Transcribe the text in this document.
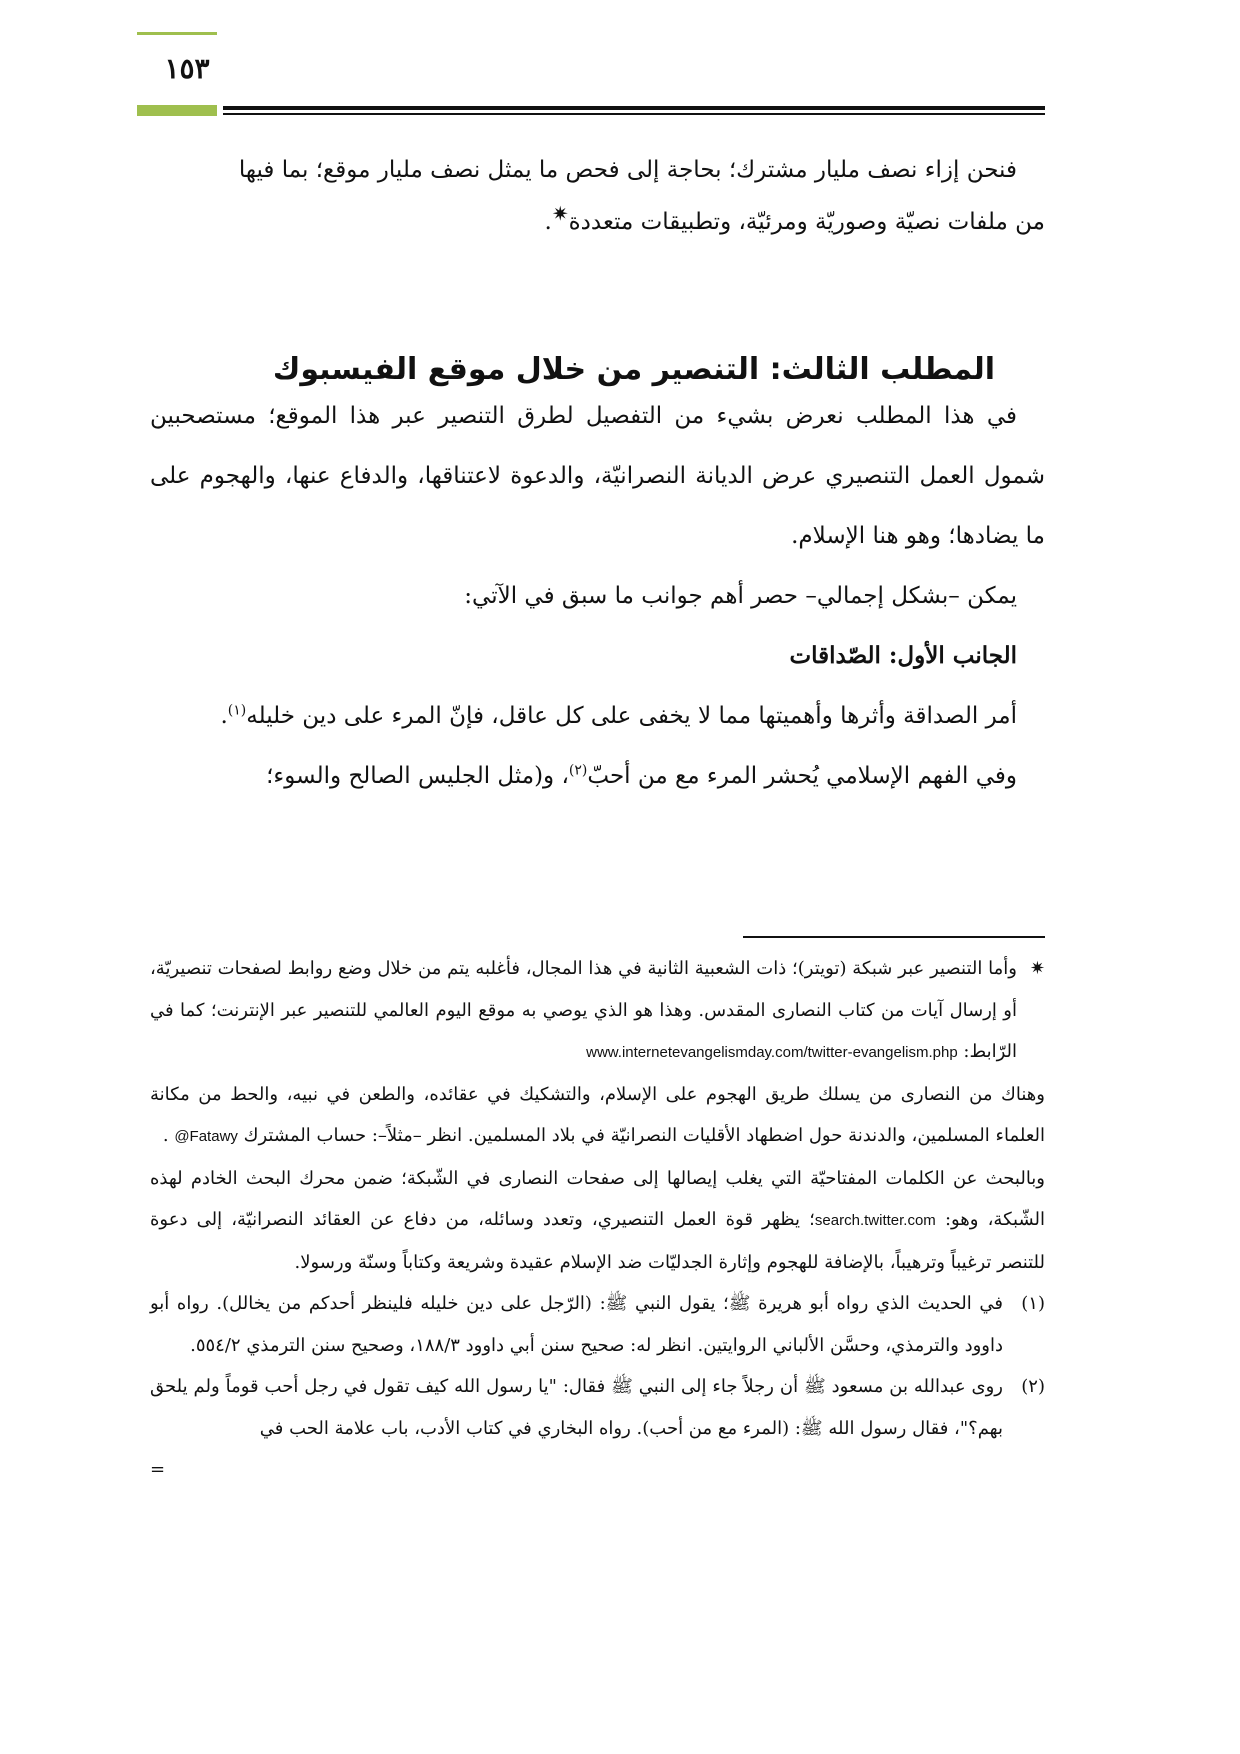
١٥٣

فنحن إزاء نصف مليار مشترك؛ بحاجة إلى فحص ما يمثل نصف مليار موقع؛ بما فيها

من ملفات نصيّة وصوريّة ومرئيّة، وتطبيقات متعددة✷.

المطلب الثالث: التنصير من خلال موقع الفيسبوك

في هذا المطلب نعرض بشيء من التفصيل لطرق التنصير عبر هذا الموقع؛ مستصحبين شمول العمل التنصيري عرض الديانة النصرانيّة، والدعوة لاعتناقها، والدفاع عنها، والهجوم على ما يضادها؛ وهو هنا الإسلام.

يمكن –بشكل إجمالي– حصر أهم جوانب ما سبق في الآتي:

الجانب الأول: الصّداقات

أمر الصداقة وأثرها وأهميتها مما لا يخفى على كل عاقل، فإنّ المرء على دين خليله$^{(١)}$.

وفي الفهم الإسلامي يُحشر المرء مع من أحبّ$^{(٢)}$، و(مثل الجليس الصالح والسوء؛

✷

وأما التنصير عبر شبكة (تويتر)؛ ذات الشعبية الثانية في هذا المجال، فأغلبه يتم من خلال وضع روابط لصفحات تنصيريّة، أو إرسال آيات من كتاب النصارى المقدس. وهذا هو الذي يوصي به موقع اليوم العالمي للتنصير عبر الإنترنت؛ كما في الرّابط: www.internetevangelismday.com/twitter-evangelism.php

وهناك من النصارى من يسلك طريق الهجوم على الإسلام، والتشكيك في عقائده، والطعن في نبيه، والحط من مكانة العلماء المسلمين، والدندنة حول اضطهاد الأقليات النصرانيّة في بلاد المسلمين. انظر –مثلاً–: حساب المشترك @Fatawy .

وبالبحث عن الكلمات المفتاحيّة التي يغلب إيصالها إلى صفحات النصارى في الشّبكة؛ ضمن محرك البحث الخادم لهذه الشّبكة، وهو: search.twitter.com؛ يظهر قوة العمل التنصيري، وتعدد وسائله، من دفاع عن العقائد النصرانيّة، إلى دعوة للتنصر ترغيباً وترهيباً، بالإضافة للهجوم وإثارة الجدليّات ضد الإسلام عقيدة وشريعة وكتاباً وسنّة ورسولا.

(١)

في الحديث الذي رواه أبو هريرة ﷺ؛ يقول النبي ﷺ: (الرّجل على دين خليله فلينظر أحدكم من يخالل). رواه أبو داوود والترمذي، وحسَّن الألباني الروايتين. انظر له: صحيح سنن أبي داوود ١٨٨/٣، وصحيح سنن الترمذي ٥٥٤/٢.

(٢)

روى عبدالله بن مسعود ﷺ أن رجلاً جاء إلى النبي ﷺ فقال: "يا رسول الله كيف تقول في رجل أحب قوماً ولم يلحق بهم؟"، فقال رسول الله ﷺ: (المرء مع من أحب). رواه البخاري في كتاب الأدب، باب علامة الحب في

=
